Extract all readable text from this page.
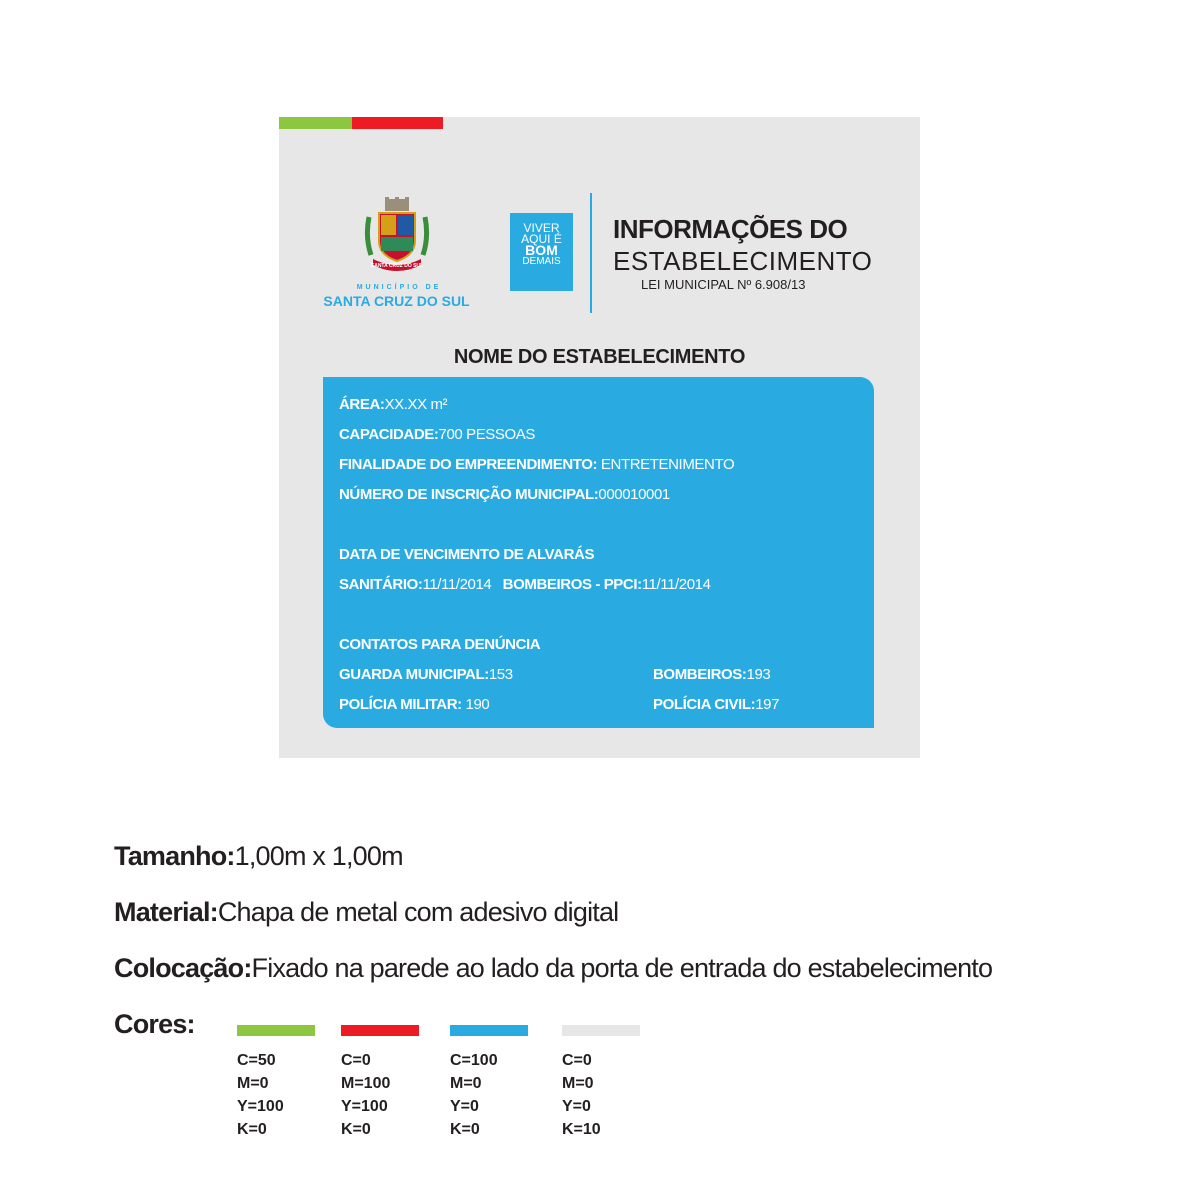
SANTA CRUZ DO SUL
MUNICÍPIO DE
SANTA CRUZ DO SUL
VIVER
AQUI É
BOM
DEMAIS
INFORMAÇÕES DO
ESTABELECIMENTO
LEI MUNICIPAL Nº 6.908/13
NOME DO ESTABELECIMENTO
ÁREA:XX.XX m²
CAPACIDADE:700 PESSOAS
FINALIDADE DO EMPREENDIMENTO: ENTRETENIMENTO
NÚMERO DE INSCRIÇÃO MUNICIPAL:000010001
DATA DE VENCIMENTO DE ALVARÁS
SANITÁRIO:11/11/2014 BOMBEIROS - PPCI:11/11/2014
CONTATOS PARA DENÚNCIA
GUARDA MUNICIPAL:153	BOMBEIROS:193
POLÍCIA MILITAR: 190	POLÍCIA CIVIL:197
Tamanho:1,00m x 1,00m
Material:Chapa de metal com adesivo digital
Colocação:Fixado na parede ao lado da porta de entrada do estabelecimento
Cores:
C=50
M=0
Y=100
K=0
C=0
M=100
Y=100
K=0
C=100
M=0
Y=0
K=0
C=0
M=0
Y=0
K=10
